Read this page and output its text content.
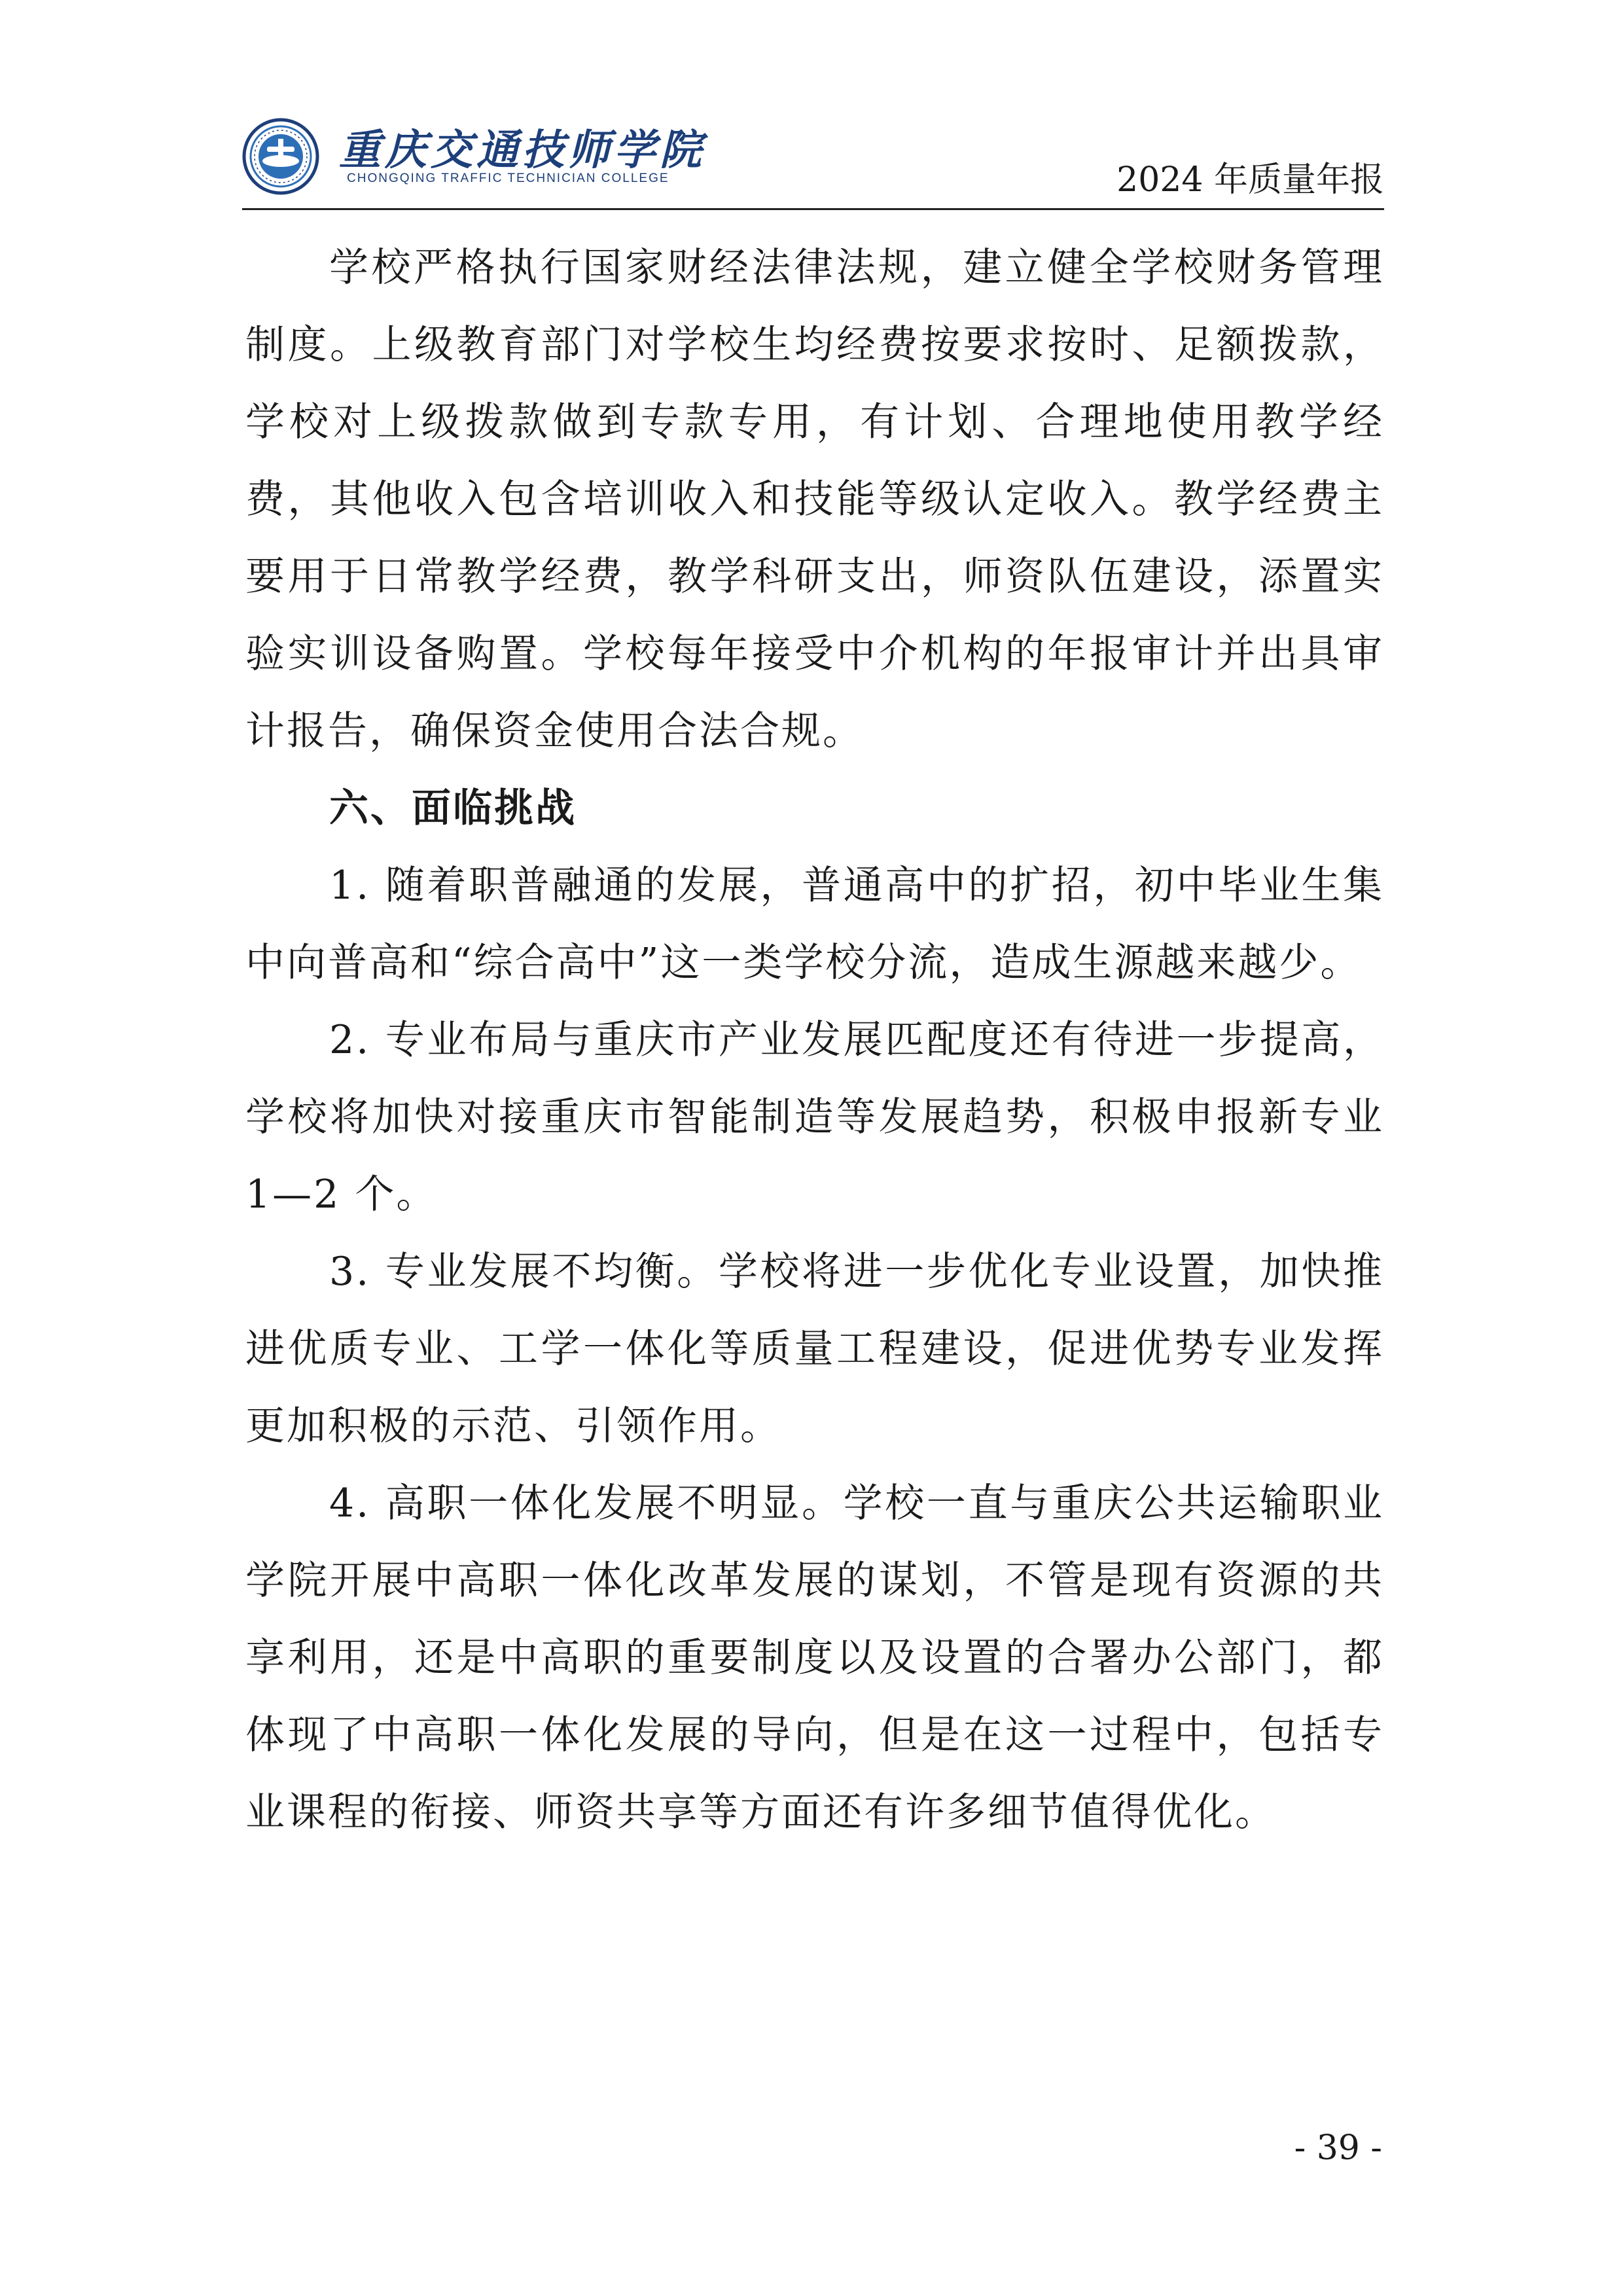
重庆交通技师学院
CHONGQING TRAFFIC TECHNICIAN COLLEGE	2024 年质量年报

学校严格执行国家财经法律法规，建立健全学校财务管理制度。上级教育部门对学校生均经费按要求按时、足额拨款，学校对上级拨款做到专款专用，有计划、合理地使用教学经费，其他收入包含培训收入和技能等级认定收入。教学经费主要用于日常教学经费，教学科研支出，师资队伍建设，添置实验实训设备购置。学校每年接受中介机构的年报审计并出具审计报告，确保资金使用合法合规。

六、面临挑战

1. 随着职普融通的发展，普通高中的扩招，初中毕业生集中向普高和“综合高中”这一类学校分流，造成生源越来越少。

2. 专业布局与重庆市产业发展匹配度还有待进一步提高，学校将加快对接重庆市智能制造等发展趋势，积极申报新专业 1—2 个。

3. 专业发展不均衡。学校将进一步优化专业设置，加快推进优质专业、工学一体化等质量工程建设，促进优势专业发挥更加积极的示范、引领作用。

4. 高职一体化发展不明显。学校一直与重庆公共运输职业学院开展中高职一体化改革发展的谋划，不管是现有资源的共享利用，还是中高职的重要制度以及设置的合署办公部门，都体现了中高职一体化发展的导向，但是在这一过程中，包括专业课程的衔接、师资共享等方面还有许多细节值得优化。

- 39 -
